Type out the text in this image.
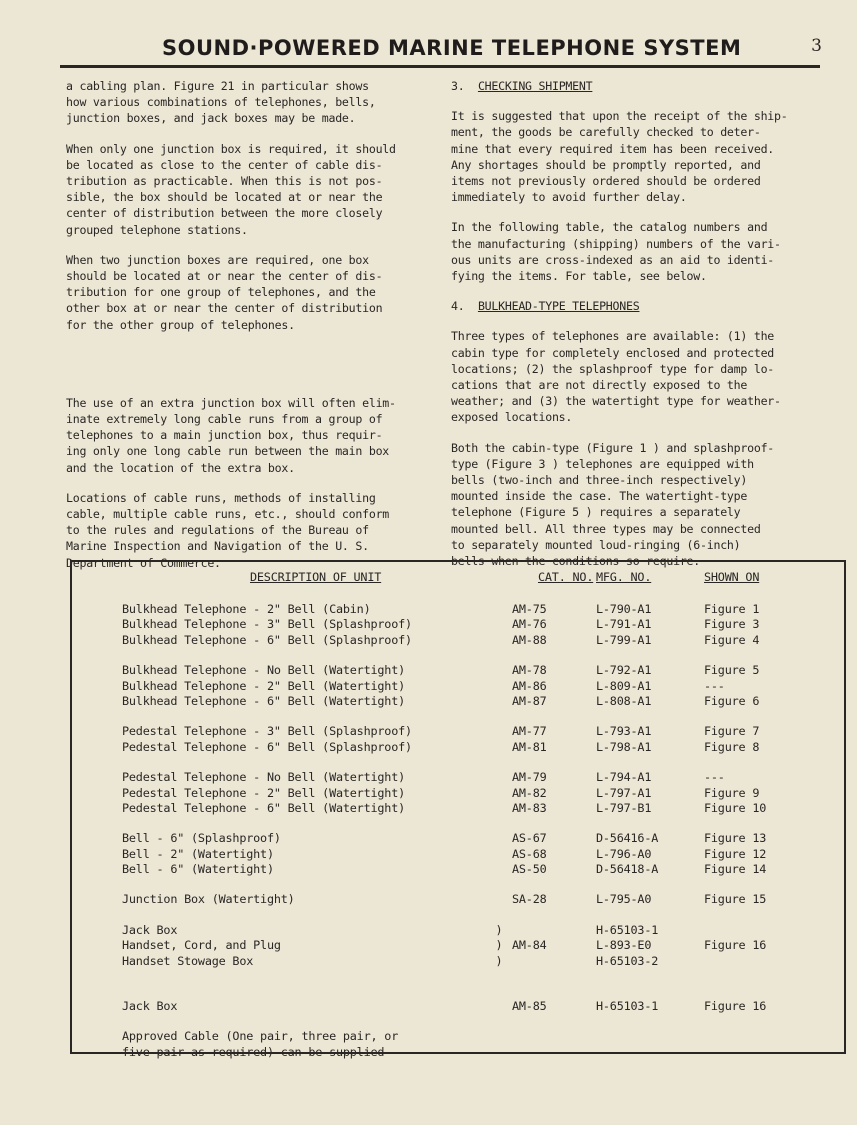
SOUND·POWERED MARINE TELEPHONE SYSTEM	3

a cabling plan. Figure 21 in particular shows
how various combinations of telephones, bells,
junction boxes, and jack boxes may be made.

When only one junction box is required, it should
be located as close to the center of cable dis-
tribution as practicable. When this is not pos-
sible, the box should be located at or near the
center of distribution between the more closely
grouped telephone stations.

When two junction boxes are required, one box
should be located at or near the center of dis-
tribution for one group of telephones, and the
other box at or near the center of distribution
for the other group of telephones.

The use of an extra junction box will often elim-
inate extremely long cable runs from a group of
telephones to a main junction box, thus requir-
ing only one long cable run between the main box
and the location of the extra box.

Locations of cable runs, methods of installing
cable, multiple cable runs, etc., should conform
to the rules and regulations of the Bureau of
Marine Inspection and Navigation of the U. S.
Department of Commerce.

3. CHECKING SHIPMENT

It is suggested that upon the receipt of the ship-
ment, the goods be carefully checked to deter-
mine that every required item has been received.
Any shortages should be promptly reported, and
items not previously ordered should be ordered
immediately to avoid further delay.

In the following table, the catalog numbers and
the manufacturing (shipping) numbers of the vari-
ous units are cross-indexed as an aid to identi-
fying the items. For table, see below.

4. BULKHEAD-TYPE TELEPHONES

Three types of telephones are available: (1) the
cabin type for completely enclosed and protected
locations; (2) the splashproof type for damp lo-
cations that are not directly exposed to the
weather; and (3) the watertight type for weather-
exposed locations.

Both the cabin-type (Figure 1 ) and splashproof-
type (Figure 3 ) telephones are equipped with
bells (two-inch and three-inch respectively)
mounted inside the case. The watertight-type
telephone (Figure 5 ) requires a separately
mounted bell. All three types may be connected
to separately mounted loud-ringing (6-inch)
bells when the conditions so require.

DESCRIPTION OF UNIT		CAT. NO.	MFG. NO.	SHOWN ON
Bulkhead Telephone - 2" Bell (Cabin)		AM-75	L-790-A1	Figure 1
Bulkhead Telephone - 3" Bell (Splashproof)		AM-76	L-791-A1	Figure 3
Bulkhead Telephone - 6" Bell (Splashproof)		AM-88	L-799-A1	Figure 4

Bulkhead Telephone - No Bell (Watertight)		AM-78	L-792-A1	Figure 5
Bulkhead Telephone - 2" Bell (Watertight)		AM-86	L-809-A1	---
Bulkhead Telephone - 6" Bell (Watertight)		AM-87	L-808-A1	Figure 6

Pedestal Telephone - 3" Bell (Splashproof)		AM-77	L-793-A1	Figure 7
Pedestal Telephone - 6" Bell (Splashproof)		AM-81	L-798-A1	Figure 8

Pedestal Telephone - No Bell (Watertight)		AM-79	L-794-A1	---
Pedestal Telephone - 2" Bell (Watertight)		AM-82	L-797-A1	Figure 9
Pedestal Telephone - 6" Bell (Watertight)		AM-83	L-797-B1	Figure 10

Bell - 6" (Splashproof)		AS-67	D-56416-A	Figure 13
Bell - 2" (Watertight)		AS-68	L-796-A0	Figure 12
Bell - 6" (Watertight)		AS-50	D-56418-A	Figure 14

Junction Box (Watertight)		SA-28	L-795-A0	Figure 15

Jack Box	)		H-65103-1	
Handset, Cord, and Plug	)	AM-84	L-893-E0	Figure 16
Handset Stowage Box	)		H-65103-2	

Jack Box		AM-85	H-65103-1	Figure 16

Approved Cable (One pair, three pair, or				
five pair as required) can be supplied				
